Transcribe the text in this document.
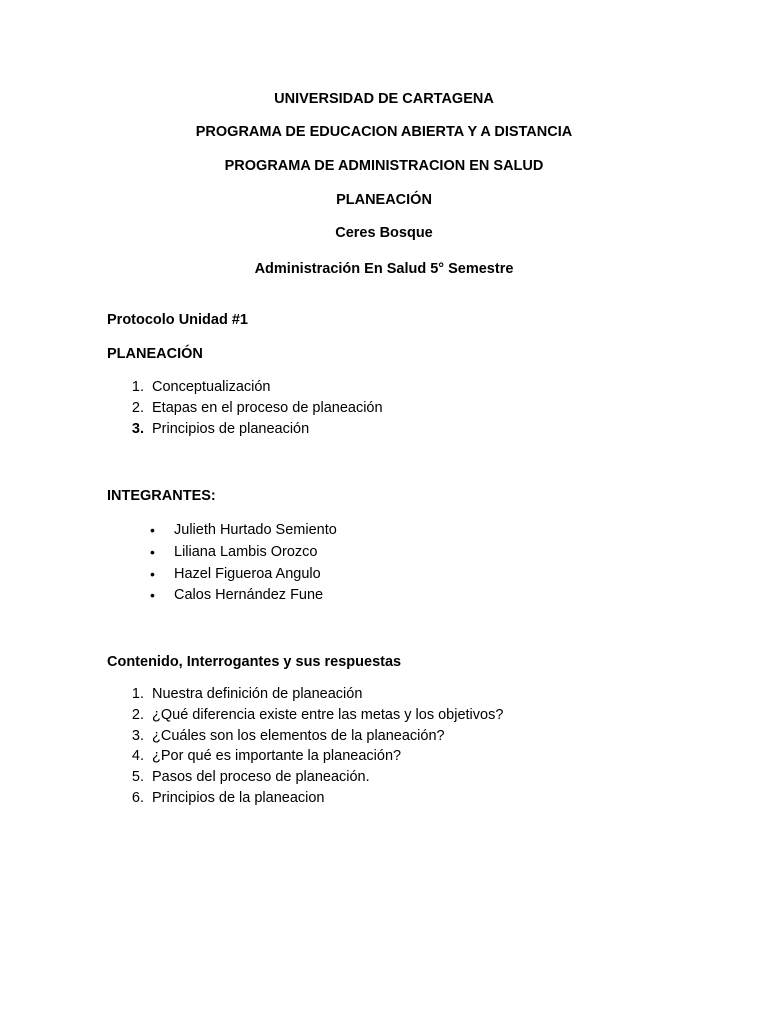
UNIVERSIDAD DE CARTAGENA
PROGRAMA DE EDUCACION ABIERTA Y A DISTANCIA
PROGRAMA DE ADMINISTRACION EN SALUD
PLANEACIÓN
Ceres Bosque
Administración En Salud 5° Semestre
Protocolo Unidad #1
PLANEACIÓN
1. Conceptualización
2. Etapas en el proceso de planeación
3. Principios de planeación
INTEGRANTES:
• Julieth Hurtado Semiento
• Liliana Lambis Orozco
• Hazel Figueroa Angulo
• Calos Hernández Fune
Contenido, Interrogantes y sus respuestas
1. Nuestra definición de planeación
2. ¿Qué diferencia existe entre las metas y los objetivos?
3. ¿Cuáles son los elementos de la planeación?
4. ¿Por qué es importante la planeación?
5. Pasos del proceso de planeación.
6. Principios de la planeacion
